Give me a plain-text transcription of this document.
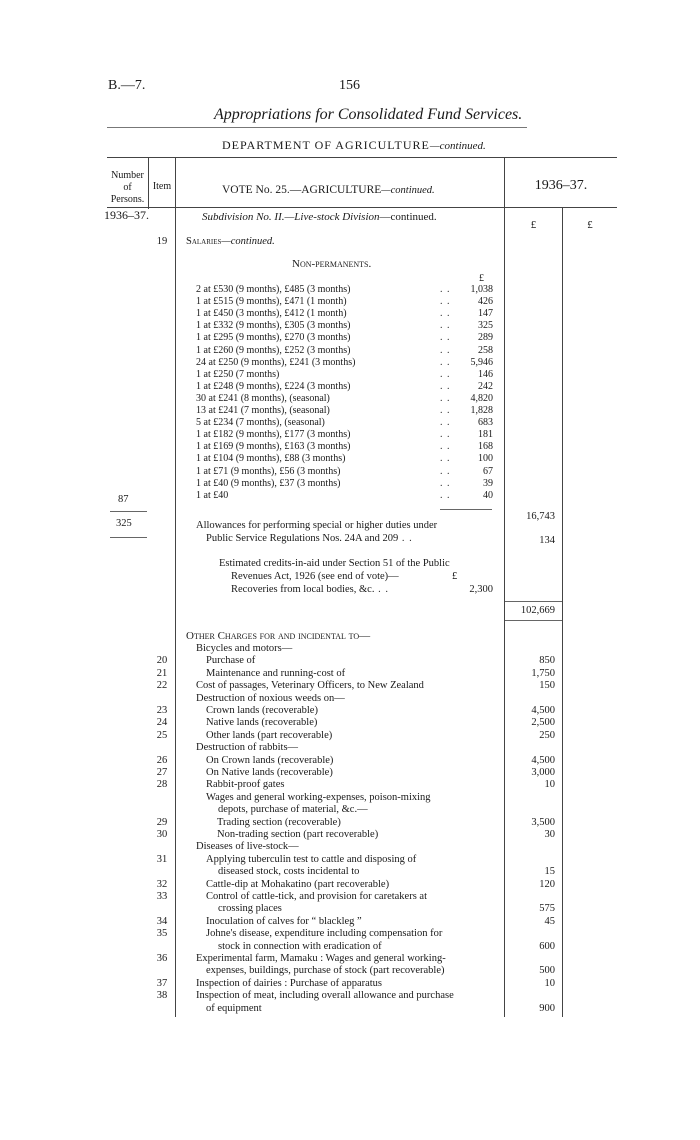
B.—7.	156
Appropriations for Consolidated Fund Services.
DEPARTMENT OF AGRICULTURE—continued.
Number
of
Persons.
Item	VOTE No. 25.—AGRICULTURE—continued.	1936–37.
1936–37.
£	£
Subdivision No. II.—Live-stock Division—continued.
19	Salaries—continued.
Non-permanents.
£
2 at £530 (9 months), £485 (3 months)	. .	1,038
1 at £515 (9 months), £471 (1 month)	. .	426
1 at £450 (3 months), £412 (1 month)	. .	147
1 at £332 (9 months), £305 (3 months)	. .	325
1 at £295 (9 months), £270 (3 months)	. .	289
1 at £260 (9 months), £252 (3 months)	. .	258
24 at £250 (9 months), £241 (3 months)	. .	5,946
1 at £250 (7 months)	. .	146
1 at £248 (9 months), £224 (3 months)	. .	242
30 at £241 (8 months), (seasonal)	. .	4,820
13 at £241 (7 months), (seasonal)	. .	1,828
5 at £234 (7 months), (seasonal)	. .	683
1 at £182 (9 months), £177 (3 months)	. .	181
1 at £169 (9 months), £163 (3 months)	. .	168
1 at £104 (9 months), £88 (3 months)	. .	100
1 at £71 (9 months), £56 (3 months)	. .	67
1 at £40 (9 months), £37 (3 months)	. .	39
1 at £40	. .	40
87
16,743
325	Allowances for performing special or higher duties under
Public Service Regulations Nos. 24A and 209 . .	134
Estimated credits-in-aid under Section 51 of the Public
Revenues Act, 1926 (see end of vote)—	£
Recoveries from local bodies, &c. . .	2,300
102,669
Other Charges for and incidental to—
Bicycles and motors—
20	Purchase of	850
21	Maintenance and running-cost of	1,750
22	Cost of passages, Veterinary Officers, to New Zealand	150
Destruction of noxious weeds on—
23	Crown lands (recoverable)	4,500
24	Native lands (recoverable)	2,500
25	Other lands (part recoverable)	250
Destruction of rabbits—
26	On Crown lands (recoverable)	4,500
27	On Native lands (recoverable)	3,000
28	Rabbit-proof gates	10
Wages and general working-expenses, poison-mixing
depots, purchase of material, &c.—
29	Trading section (recoverable)	3,500
30	Non-trading section (part recoverable)	30
Diseases of live-stock—
31	Applying tuberculin test to cattle and disposing of
diseased stock, costs incidental to	15
32	Cattle-dip at Mohakatino (part recoverable)	120
33	Control of cattle-tick, and provision for caretakers at
crossing places	575
34	Inoculation of calves for “ blackleg ”	45
35	Johne's disease, expenditure including compensation for
stock in connection with eradication of	600
36	Experimental farm, Mamaku : Wages and general working-
expenses, buildings, purchase of stock (part recoverable)	500
37	Inspection of dairies : Purchase of apparatus	10
38	Inspection of meat, including overall allowance and purchase
of equipment	900
